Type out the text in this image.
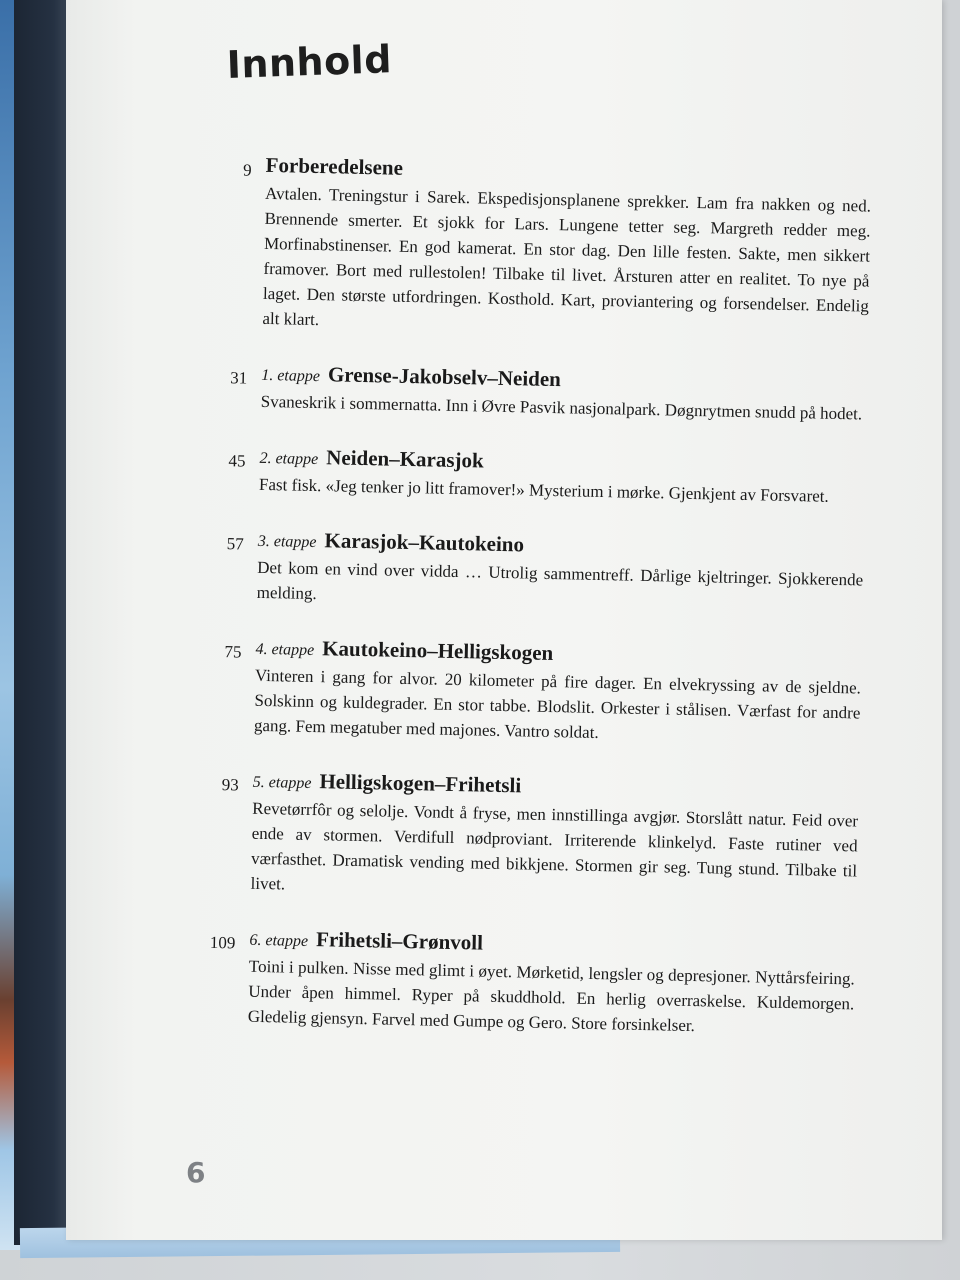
Innhold
9 Forberedelsene

Avtalen. Treningstur i Sarek. Ekspedisjonsplanene sprekker. Lam fra nakken og ned. Brennende smerter. Et sjokk for Lars. Lungene tetter seg. Margreth redder meg. Morfinabstinenser. En god kamerat. En stor dag. Den lille festen. Sakte, men sikkert framover. Bort med rullestolen! Tilbake til livet. Årsturen atter en realitet. To nye på laget. Den største utfordringen. Kosthold. Kart, proviantering og forsendelser. Endelig alt klart.

31 1. etappe Grense-Jakobselv–Neiden

Svaneskrik i sommernatta. Inn i Øvre Pasvik nasjonalpark. Døgnrytmen snudd på hodet.

45 2. etappe Neiden–Karasjok

Fast fisk. «Jeg tenker jo litt framover!» Mysterium i mørke. Gjenkjent av Forsvaret.

57 3. etappe Karasjok–Kautokeino

Det kom en vind over vidda … Utrolig sammentreff. Dårlige kjeltringer. Sjokkerende melding.

75 4. etappe Kautokeino–Helligskogen

Vinteren i gang for alvor. 20 kilometer på fire dager. En elvekryssing av de sjeldne. Solskinn og kuldegrader. En stor tabbe. Blodslit. Orkester i stålisen. Værfast for andre gang. Fem megatuber med majones. Vantro soldat.

93 5. etappe Helligskogen–Frihetsli

Revetørrfôr og selolje. Vondt å fryse, men innstillinga avgjør. Storslått natur. Feid over ende av stormen. Verdifull nødproviant. Irriterende klinkelyd. Faste rutiner ved værfasthet. Dramatisk vending med bikkjene. Stormen gir seg. Tung stund. Tilbake til livet.

109 6. etappe Frihetsli–Grønvoll

Toini i pulken. Nisse med glimt i øyet. Mørketid, lengsler og depresjoner. Nyttårsfeiring. Under åpen himmel. Ryper på skuddhold. En herlig overraskelse. Kuldemorgen. Gledelig gjensyn. Farvel med Gumpe og Gero. Store forsinkelser.

6
